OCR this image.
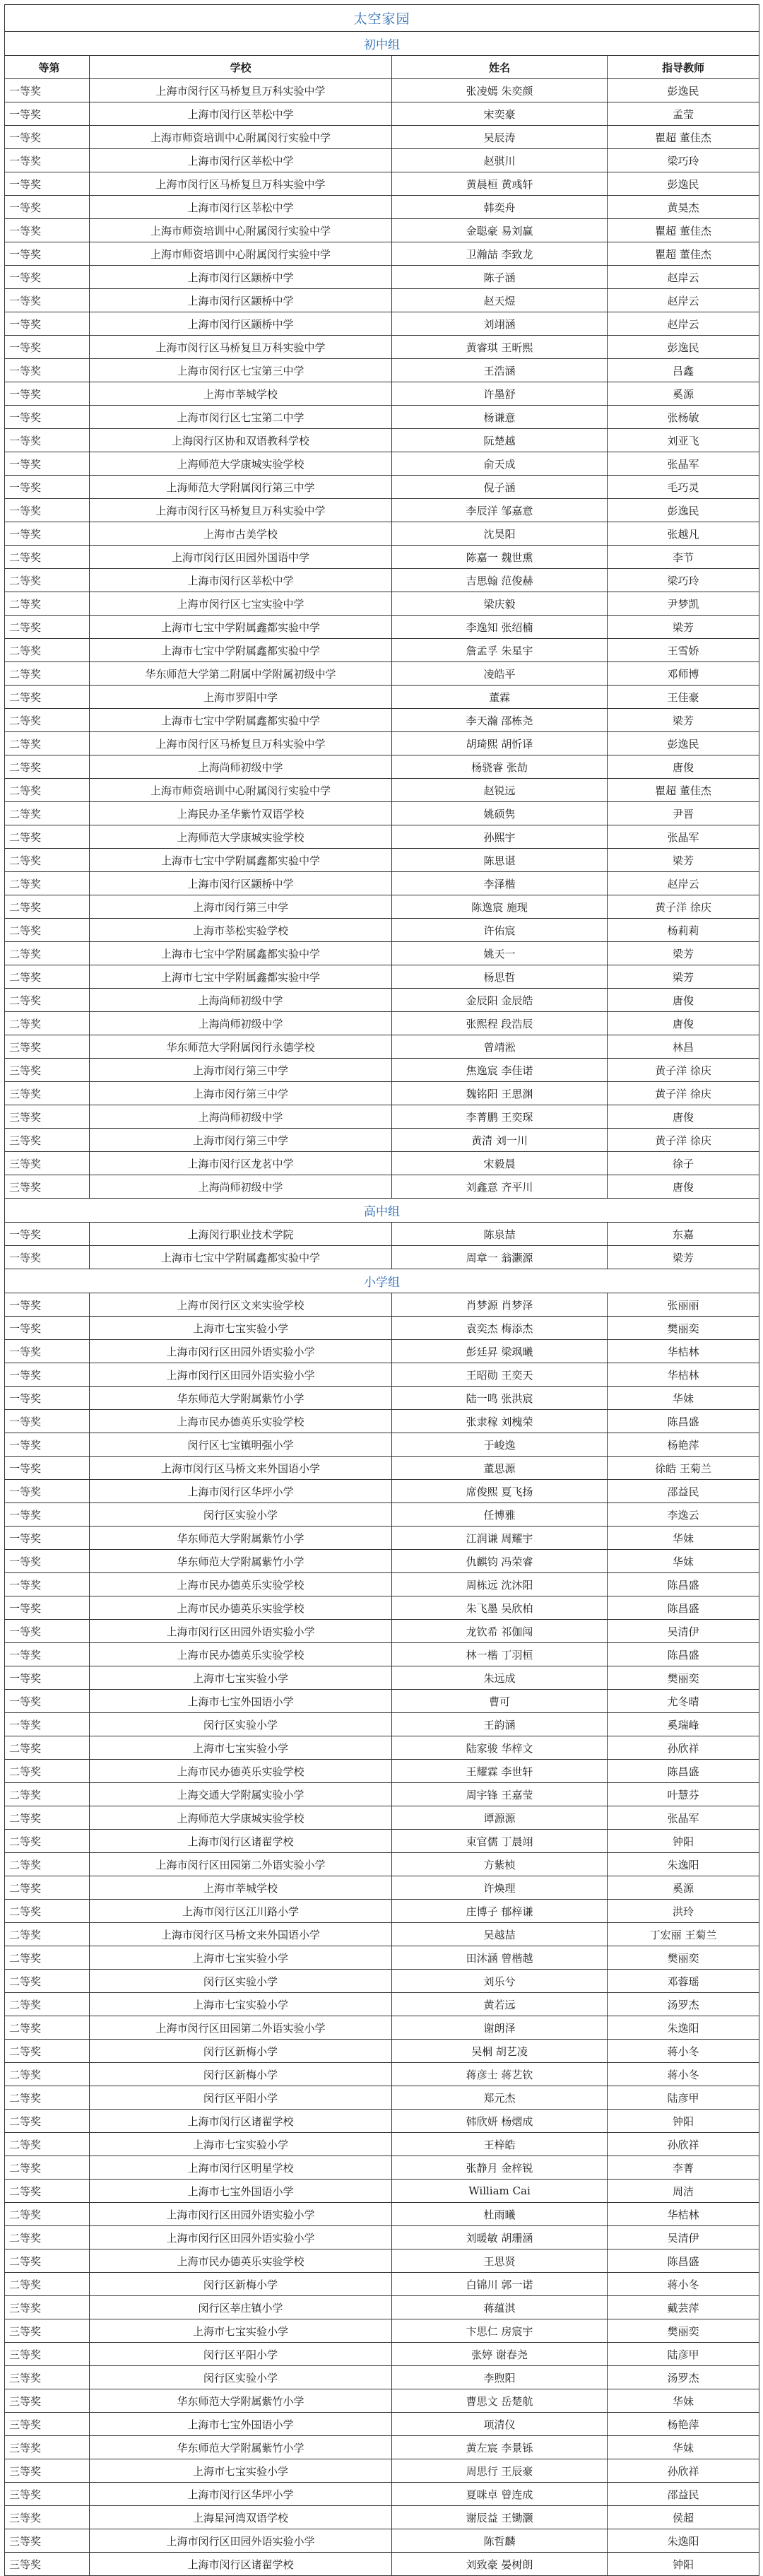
太空家园			
初中组			
等第	学校	姓名	指导教师
一等奖	上海市闵行区马桥复旦万科实验中学	张凌嫣 朱奕颜	彭逸民
一等奖	上海市闵行区莘松中学	宋奕豪	孟莹
一等奖	上海市师资培训中心附属闵行实验中学	吴辰涛	瞿超 董佳杰
一等奖	上海市闵行区莘松中学	赵骐川	梁巧玲
一等奖	上海市闵行区马桥复旦万科实验中学	黄晨桓 黄彧轩	彭逸民
一等奖	上海市闵行区莘松中学	韩奕舟	黄昊杰
一等奖	上海市师资培训中心附属闵行实验中学	金聪豪 易刘赢	瞿超 董佳杰
一等奖	上海市师资培训中心附属闵行实验中学	卫瀚喆 李致龙	瞿超 董佳杰
一等奖	上海市闵行区颛桥中学	陈子涵	赵岸云
一等奖	上海市闵行区颛桥中学	赵天煜	赵岸云
一等奖	上海市闵行区颛桥中学	刘翊涵	赵岸云
一等奖	上海市闵行区马桥复旦万科实验中学	黄睿琪 王昕熙	彭逸民
一等奖	上海市闵行区七宝第三中学	王浩涵	吕鑫
一等奖	上海市莘城学校	许墨舒	奚源
一等奖	上海市闵行区七宝第二中学	杨谦意	张杨敏
一等奖	上海闵行区协和双语教科学校	阮楚越	刘亚飞
一等奖	上海师范大学康城实验学校	俞天成	张晶军
一等奖	上海师范大学附属闵行第三中学	倪子涵	毛巧灵
一等奖	上海市闵行区马桥复旦万科实验中学	李辰洋 邹嘉意	彭逸民
一等奖	上海市古美学校	沈昊阳	张越凡
二等奖	上海市闵行区田园外国语中学	陈嘉一 魏世熏	李节
二等奖	上海市闵行区莘松中学	吉思翰 范俊赫	梁巧玲
二等奖	上海市闵行区七宝实验中学	梁庆毅	尹梦凯
二等奖	上海市七宝中学附属鑫都实验中学	李逸知 张绍楠	梁芳
二等奖	上海市七宝中学附属鑫都实验中学	詹孟孚 朱星宇	王雪娇
二等奖	华东师范大学第二附属中学附属初级中学	凌皓平	邓师博
二等奖	上海市罗阳中学	董霖	王佳豪
二等奖	上海市七宝中学附属鑫都实验中学	李天瀚 邵栋尧	梁芳
二等奖	上海市闵行区马桥复旦万科实验中学	胡琦熙 胡忻译	彭逸民
二等奖	上海尚师初级中学	杨骁睿 张劼	唐俊
二等奖	上海市师资培训中心附属闵行实验中学	赵锐远	瞿超 董佳杰
二等奖	上海民办圣华紫竹双语学校	姚硕隽	尹晋
二等奖	上海师范大学康城实验学校	孙熙宇	张晶军
二等奖	上海市七宝中学附属鑫都实验中学	陈思谌	梁芳
二等奖	上海市闵行区颛桥中学	李泽楷	赵岸云
二等奖	上海市闵行第三中学	陈逸宸 施现	黄子洋 徐庆
二等奖	上海市莘松实验学校	许佑宸	杨莉莉
二等奖	上海市七宝中学附属鑫都实验中学	姚天一	梁芳
二等奖	上海市七宝中学附属鑫都实验中学	杨思哲	梁芳
二等奖	上海尚师初级中学	金辰阳 金辰皓	唐俊
二等奖	上海尚师初级中学	张熙程 段浩辰	唐俊
三等奖	华东师范大学附属闵行永德学校	曾靖淞	林昌
三等奖	上海市闵行第三中学	焦逸宸 李佳诺	黄子洋 徐庆
三等奖	上海市闵行第三中学	魏铭阳 王思渊	黄子洋 徐庆
三等奖	上海尚师初级中学	李菁鹏 王奕琛	唐俊
三等奖	上海市闵行第三中学	黄清 刘一川	黄子洋 徐庆
三等奖	上海市闵行区龙茗中学	宋毅晨	徐子
三等奖	上海尚师初级中学	刘鑫意 齐平川	唐俊
高中组			
一等奖	上海闵行职业技术学院	陈泉喆	东嘉
一等奖	上海市七宝中学附属鑫都实验中学	周章一 翁灏源	梁芳
小学组			
一等奖	上海市闵行区文来实验学校	肖梦源 肖梦泽	张丽丽
一等奖	上海市七宝实验小学	袁奕杰 梅添杰	樊丽奕
一等奖	上海市闵行区田园外语实验小学	彭廷昇 梁飒曦	华桔林
一等奖	上海市闵行区田园外语实验小学	王昭勋 王奕天	华桔林
一等奖	华东师范大学附属紫竹小学	陆一鸣 张洪宸	华妹
一等奖	上海市民办德英乐实验学校	张隶稼 刘槐荣	陈昌盛
一等奖	闵行区七宝镇明强小学	于峻逸	杨艳萍
一等奖	上海市闵行区马桥文来外国语小学	董思源	徐皓 王菊兰
一等奖	上海市闵行区华坪小学	席俊熙 夏飞扬	邵益民
一等奖	闵行区实验小学	任博雅	李逸云
一等奖	华东师范大学附属紫竹小学	江润谦 周耀宇	华妹
一等奖	华东师范大学附属紫竹小学	仇麒钧 冯荣睿	华妹
一等奖	上海市民办德英乐实验学校	周栋远 沈沐阳	陈昌盛
一等奖	上海市民办德英乐实验学校	朱飞墨 吴欣柏	陈昌盛
一等奖	上海市闵行区田园外语实验小学	龙钦希 祁伽闯	吴清伊
一等奖	上海市民办德英乐实验学校	林一楷 丁羽桓	陈昌盛
一等奖	上海市七宝实验小学	朱远成	樊丽奕
一等奖	上海市七宝外国语小学	曹可	尤冬晴
一等奖	闵行区实验小学	王韵涵	奚瑞峰
二等奖	上海市七宝实验小学	陆家骏 华梓文	孙欣祥
二等奖	上海市民办德英乐实验学校	王耀霖 李世轩	陈昌盛
二等奖	上海交通大学附属实验小学	周宇锋 王嘉莹	叶慧芬
二等奖	上海师范大学康城实验学校	谭源源	张晶军
二等奖	上海市闵行区诸翟学校	束官儒 丁晨翊	钟阳
二等奖	上海市闵行区田园第二外语实验小学	方紫桢	朱逸阳
二等奖	上海市莘城学校	许煥理	奚源
二等奖	上海市闵行区江川路小学	庄博子 郁梓谦	洪玲
二等奖	上海市闵行区马桥文来外国语小学	吴越喆	丁宏丽 王菊兰
二等奖	上海市七宝实验小学	田沐涵 曾楷越	樊丽奕
二等奖	闵行区实验小学	刘乐兮	邓蓉瑶
二等奖	上海市七宝实验小学	黄若远	汤罗杰
二等奖	上海市闵行区田园第二外语实验小学	谢朗泽	朱逸阳
二等奖	闵行区新梅小学	吴桐 胡艺凌	蒋小冬
二等奖	闵行区新梅小学	蒋彦士 蒋艺钦	蒋小冬
二等奖	闵行区平阳小学	郑元杰	陆彦甲
二等奖	上海市闵行区诸翟学校	韩欣妍 杨熠成	钟阳
二等奖	上海市七宝实验小学	王梓皓	孙欣祥
二等奖	上海市闵行区明星学校	张静月 金梓锐	李菁
二等奖	上海市七宝外国语小学	William Cai	周洁
二等奖	上海市闵行区田园外语实验小学	杜雨曦	华桔林
二等奖	上海市闵行区田园外语实验小学	刘暖敏 胡珊涵	吴清伊
二等奖	上海市民办德英乐实验学校	王思贤	陈昌盛
二等奖	闵行区新梅小学	白锦川 郭一诺	蒋小冬
三等奖	闵行区莘庄镇小学	蒋蕴淇	戴芸萍
三等奖	上海市七宝实验小学	卞思仁 房宸宇	樊丽奕
三等奖	闵行区平阳小学	张婷 谢春尧	陆彦甲
三等奖	闵行区实验小学	李煦阳	汤罗杰
三等奖	华东师范大学附属紫竹小学	曹思文 岳楚航	华妹
三等奖	上海市七宝外国语小学	项清仪	杨艳萍
三等奖	华东师范大学附属紫竹小学	黄左宸 李景铄	华妹
三等奖	上海市七宝实验小学	周思行 王辰豪	孙欣祥
三等奖	上海市闵行区华坪小学	夏咪卓 曾连成	邵益民
三等奖	上海星河湾双语学校	谢辰益 王锄灏	侯超
三等奖	上海市闵行区田园外语实验小学	陈哲麟	朱逸阳
三等奖	上海市闵行区诸翟学校	刘致豪 晏树朗	钟阳
